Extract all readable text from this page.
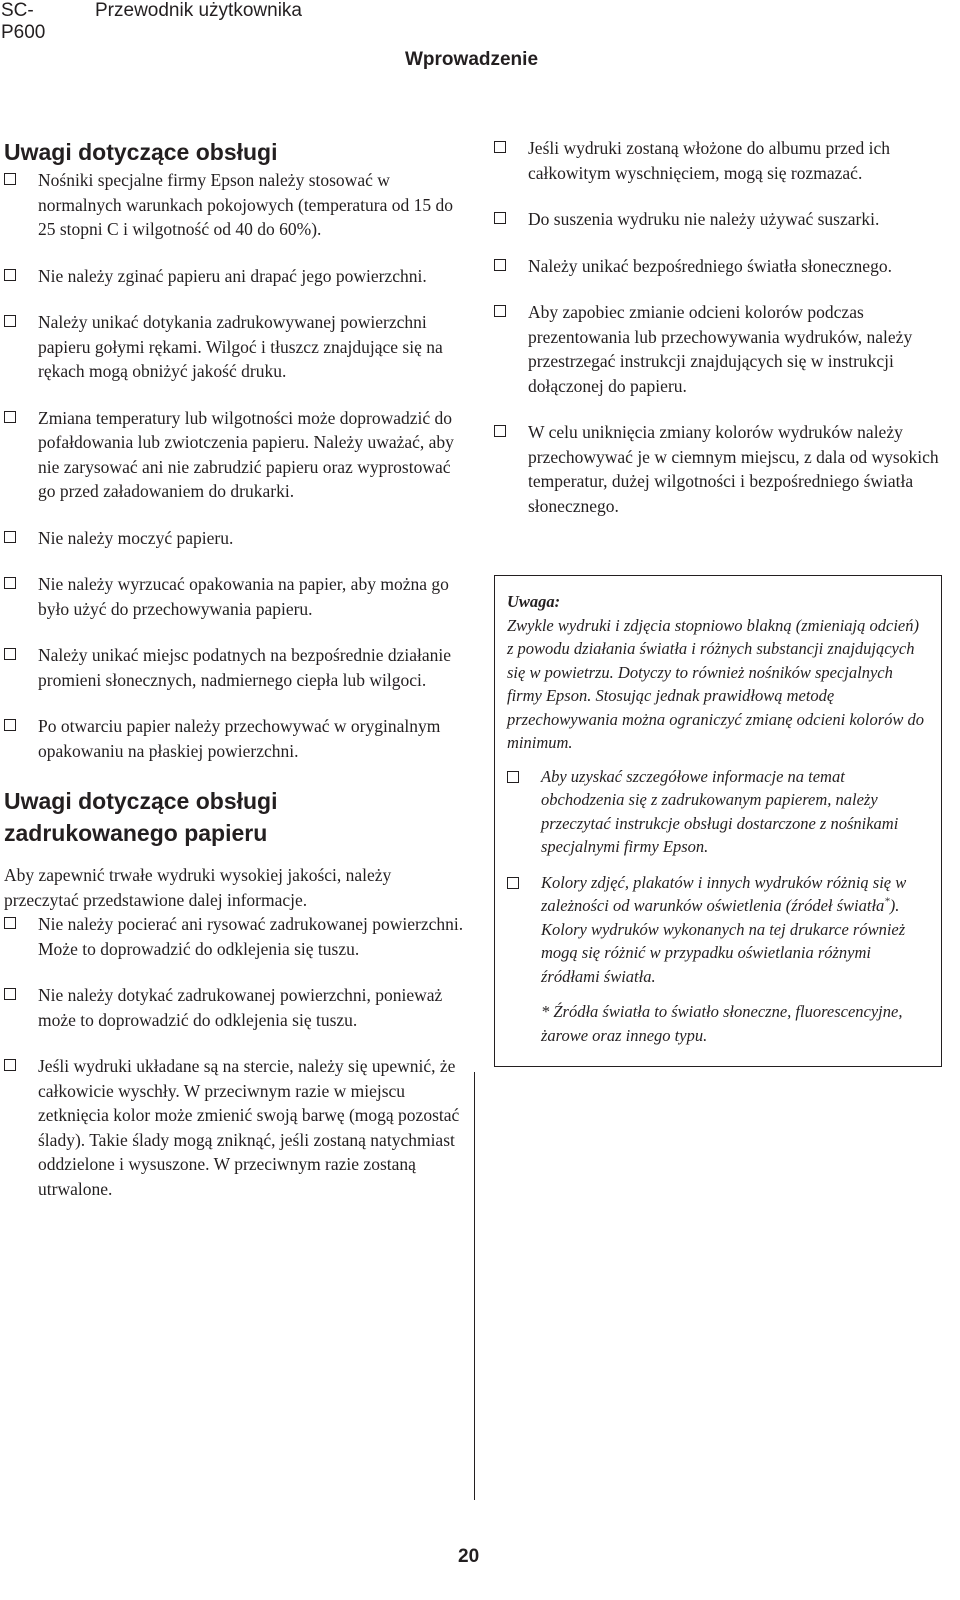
SC-P600
Przewodnik użytkownika
Wprowadzenie
Uwagi dotyczące obsługi
Nośniki specjalne firmy Epson należy stosować w normalnych warunkach pokojowych (temperatura od 15 do 25 stopni C i wilgotność od 40 do 60%).
Nie należy zginać papieru ani drapać jego powierzchni.
Należy unikać dotykania zadrukowywanej powierzchni papieru gołymi rękami. Wilgoć i tłuszcz znajdujące się na rękach mogą obniżyć jakość druku.
Zmiana temperatury lub wilgotności może doprowadzić do pofałdowania lub zwiotczenia papieru. Należy uważać, aby nie zarysować ani nie zabrudzić papieru oraz wyprostować go przed załadowaniem do drukarki.
Nie należy moczyć papieru.
Nie należy wyrzucać opakowania na papier, aby można go było użyć do przechowywania papieru.
Należy unikać miejsc podatnych na bezpośrednie działanie promieni słonecznych, nadmiernego ciepła lub wilgoci.
Po otwarciu papier należy przechowywać w oryginalnym opakowaniu na płaskiej powierzchni.
Uwagi dotyczące obsługi
zadrukowanego papieru

Aby zapewnić trwałe wydruki wysokiej jakości, należy przeczytać przedstawione dalej informacje.

Nie należy pocierać ani rysować zadrukowanej powierzchni. Może to doprowadzić do odklejenia się tuszu.
Nie należy dotykać zadrukowanej powierzchni, ponieważ może to doprowadzić do odklejenia się tuszu.
Jeśli wydruki układane są na stercie, należy się upewnić, że całkowicie wyschły. W przeciwnym razie w miejscu zetknięcia kolor może zmienić swoją barwę (mogą pozostać ślady). Takie ślady mogą zniknąć, jeśli zostaną natychmiast oddzielone i wysuszone. W przeciwnym razie zostaną utrwalone.
Jeśli wydruki zostaną włożone do albumu przed ich całkowitym wyschnięciem, mogą się rozmazać.
Do suszenia wydruku nie należy używać suszarki.
Należy unikać bezpośredniego światła słonecznego.
Aby zapobiec zmianie odcieni kolorów podczas prezentowania lub przechowywania wydruków, należy przestrzegać instrukcji znajdujących się w instrukcji dołączonej do papieru.
W celu uniknięcia zmiany kolorów wydruków należy przechowywać je w ciemnym miejscu, z dala od wysokich temperatur, dużej wilgotności i bezpośredniego światła słonecznego.
Uwaga:

Zwykle wydruki i zdjęcia stopniowo blakną (zmieniają odcień) z powodu działania światła i różnych substancji znajdujących się w powietrzu. Dotyczy to również nośników specjalnych firmy Epson. Stosując jednak prawidłową metodę przechowywania można ograniczyć zmianę odcieni kolorów do minimum.

Aby uzyskać szczegółowe informacje na temat obchodzenia się z zadrukowanym papierem, należy przeczytać instrukcje obsługi dostarczone z nośnikami specjalnymi firmy Epson.
Kolory zdjęć, plakatów i innych wydruków różnią się w zależności od warunków oświetlenia (źródeł światła*). Kolory wydruków wykonanych na tej drukarce również mogą się różnić w przypadku oświetlania różnymi źródłami światła.

* Źródła światła to światło słoneczne, fluorescencyjne, żarowe oraz innego typu.

20
